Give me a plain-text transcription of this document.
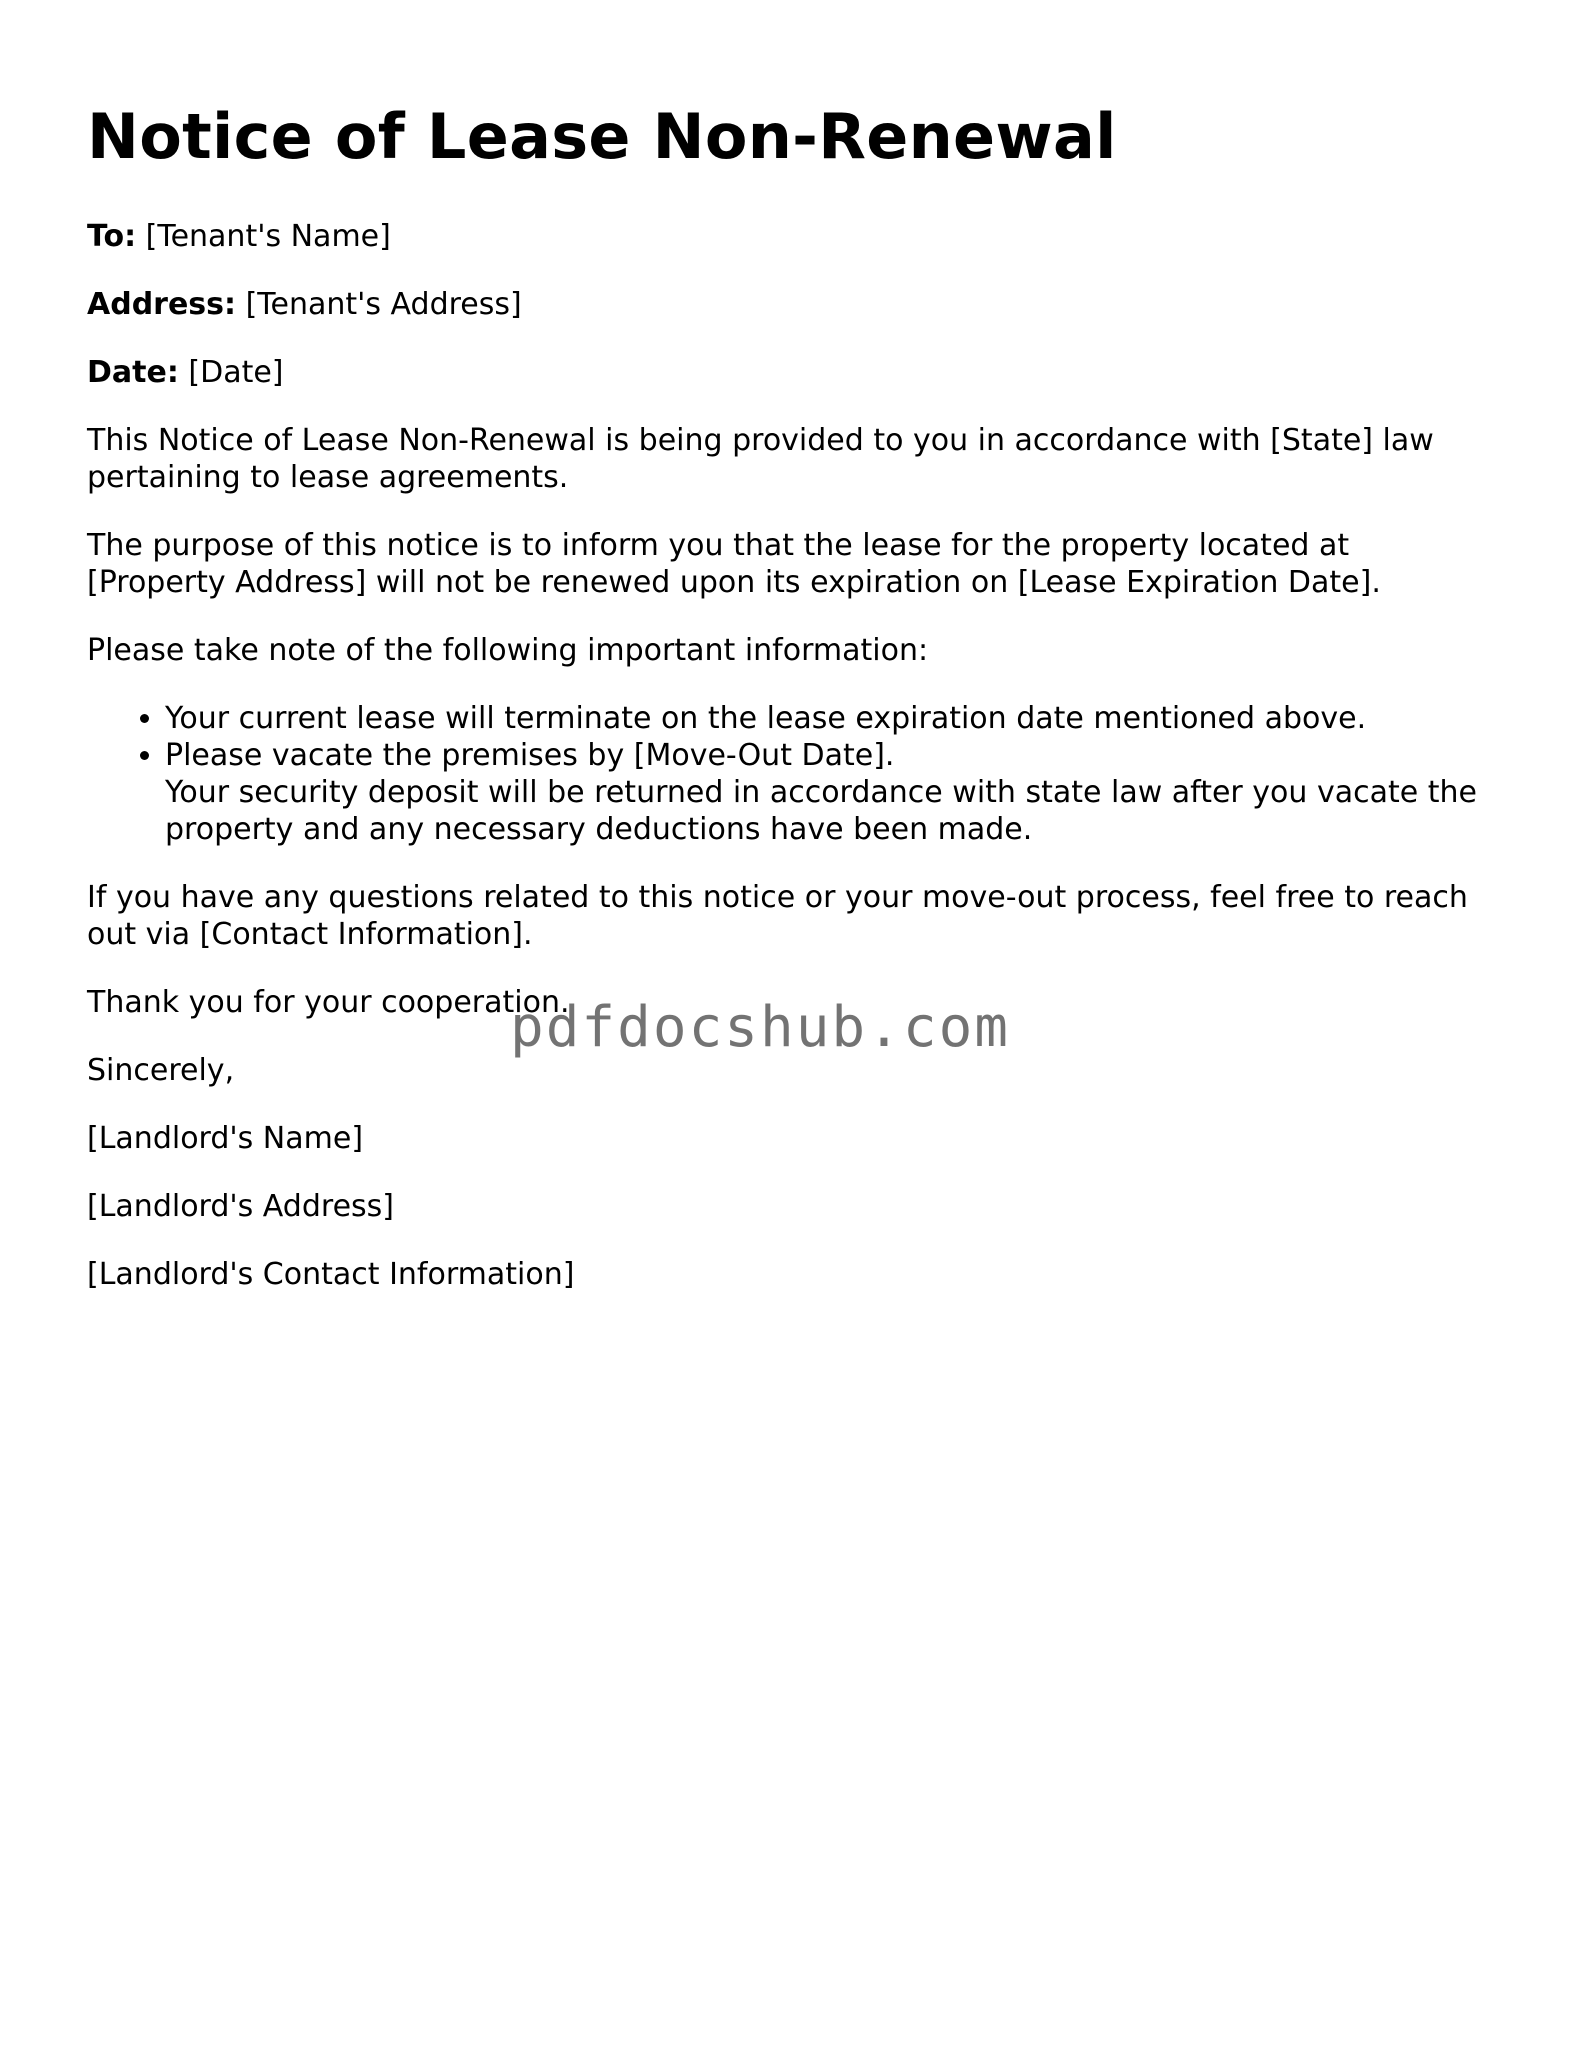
Notice of Lease Non-Renewal

To: [Tenant's Name]

Address: [Tenant's Address]

Date: [Date]

This Notice of Lease Non-Renewal is being provided to you in accordance with [State] law pertaining to lease agreements.

The purpose of this notice is to inform you that the lease for the property located at [Property Address] will not be renewed upon its expiration on [Lease Expiration Date].

Please take note of the following important information:

• Your current lease will terminate on the lease expiration date mentioned above.
• Please vacate the premises by [Move-Out Date].
Your security deposit will be returned in accordance with state law after you vacate the property and any necessary deductions have been made.

If you have any questions related to this notice or your move-out process, feel free to reach out via [Contact Information].

Thank you for your cooperation.

Sincerely,

[Landlord's Name]

[Landlord's Address]

[Landlord's Contact Information]

pdfdocshub.com
